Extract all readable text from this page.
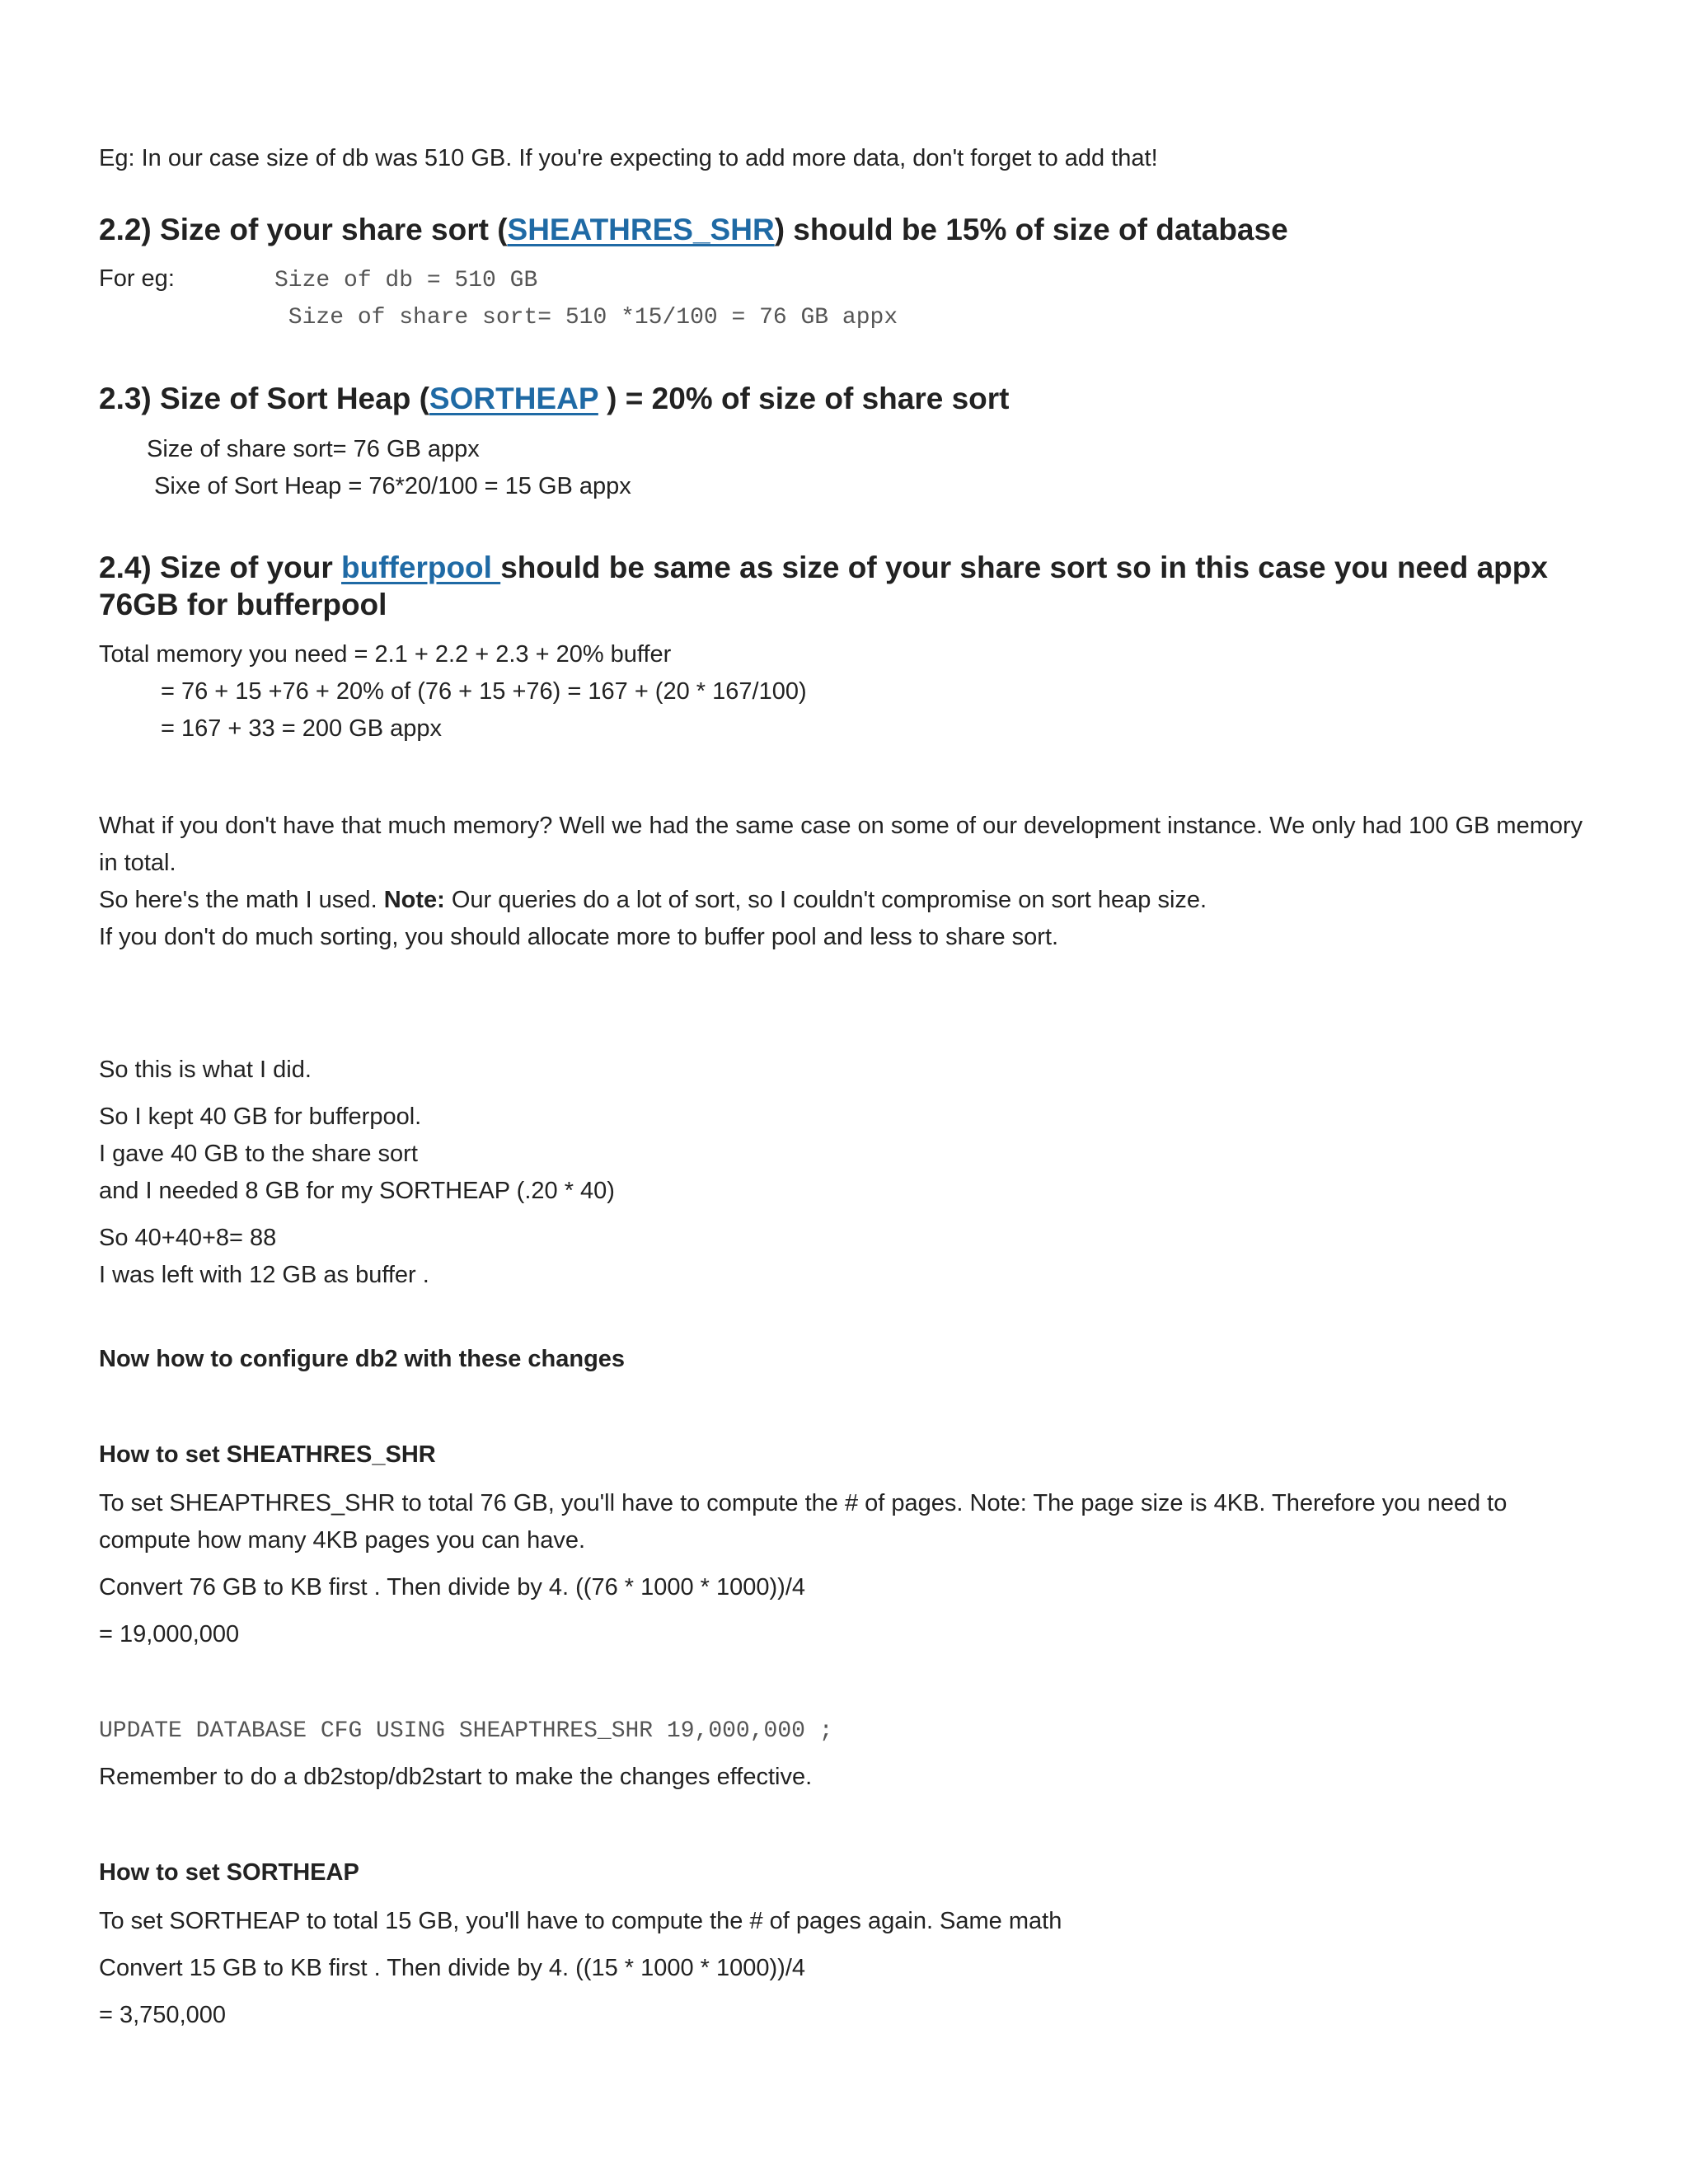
Eg: In our case size of db was 510 GB. If you're expecting to add more data, don't forget to add that!
2.2) Size of your share sort (SHEATHRES_SHR) should be 15% of size of database
For eg:	Size of db = 510 GB
Size of share sort= 510 *15/100 = 76 GB appx
2.3) Size of Sort Heap (SORTHEAP ) = 20% of size of share sort
Size of share sort= 76 GB appx
Sixe of Sort Heap = 76*20/100 = 15 GB appx
2.4) Size of your bufferpool should be same as size of your share sort so in this case you need appx 76GB for bufferpool
Total memory you need = 2.1 + 2.2 + 2.3 + 20% buffer
= 76 + 15 +76 + 20% of (76 + 15 +76) = 167 + (20 * 167/100)
= 167 + 33 = 200 GB appx
What if you don't have that much memory? Well we had the same case on some of our development instance. We only had 100 GB memory in total.
So here's the math I used. Note: Our queries do a lot of sort, so I couldn't compromise on sort heap size.
If you don't do much sorting, you should allocate more to buffer pool and less to share sort.
So this is what I did.
So I kept 40 GB for bufferpool.
I gave 40 GB to the share sort
and I needed 8 GB for my SORTHEAP (.20 * 40)
So 40+40+8= 88
I was left with 12 GB as buffer .
Now how to configure db2 with these changes
How to set SHEATHRES_SHR
To set SHEAPTHRES_SHR to total 76 GB, you'll have to compute the # of pages. Note: The page size is 4KB. Therefore you need to compute how many 4KB pages you can have.
Convert 76 GB to KB first . Then divide by 4. ((76 * 1000 * 1000))/4
= 19,000,000
UPDATE DATABASE CFG USING SHEAPTHRES_SHR 19,000,000 ;
Remember to do a db2stop/db2start to make the changes effective.
How to set SORTHEAP
To set SORTHEAP to total 15 GB, you'll have to compute the # of pages again. Same math
Convert 15 GB to KB first . Then divide by 4. ((15 * 1000 * 1000))/4
= 3,750,000
